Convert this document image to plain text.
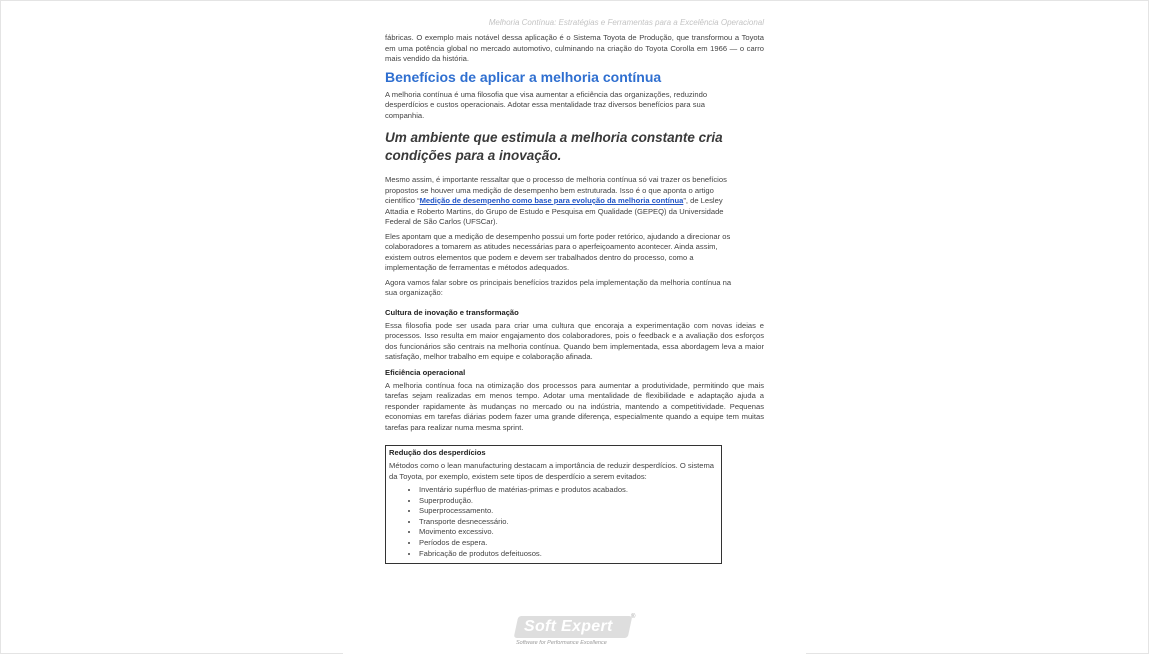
Melhoria Contínua: Estratégias e Ferramentas para a Excelência Operacional

fábricas. O exemplo mais notável dessa aplicação é o Sistema Toyota de Produção, que transformou a Toyota em uma potência global no mercado automotivo, culminando na criação do Toyota Corolla em 1966 — o carro mais vendido da história.

Benefícios de aplicar a melhoria contínua

A melhoria contínua é uma filosofia que visa aumentar a eficiência das organizações, reduzindo desperdícios e custos operacionais. Adotar essa mentalidade traz diversos benefícios para sua companhia.

Um ambiente que estimula a melhoria constante cria condições para a inovação.

Mesmo assim, é importante ressaltar que o processo de melhoria contínua só vai trazer os benefícios propostos se houver uma medição de desempenho bem estruturada. Isso é o que aponta o artigo científico “Medição de desempenho como base para evolução da melhoria contínua”, de Lesley Attadia e Roberto Martins, do Grupo de Estudo e Pesquisa em Qualidade (GEPEQ) da Universidade Federal de São Carlos (UFSCar).

Eles apontam que a medição de desempenho possui um forte poder retórico, ajudando a direcionar os colaboradores a tomarem as atitudes necessárias para o aperfeiçoamento acontecer. Ainda assim, existem outros elementos que podem e devem ser trabalhados dentro do processo, como a implementação de ferramentas e métodos adequados.

Agora vamos falar sobre os principais benefícios trazidos pela implementação da melhoria contínua na sua organização:

Cultura de inovação e transformação

Essa filosofia pode ser usada para criar uma cultura que encoraja a experimentação com novas ideias e processos. Isso resulta em maior engajamento dos colaboradores, pois o feedback e a avaliação dos esforços dos funcionários são centrais na melhoria contínua. Quando bem implementada, essa abordagem leva a maior satisfação, melhor trabalho em equipe e colaboração afinada.

Eficiência operacional

A melhoria contínua foca na otimização dos processos para aumentar a produtividade, permitindo que mais tarefas sejam realizadas em menos tempo. Adotar uma mentalidade de flexibilidade e adaptação ajuda a responder rapidamente às mudanças no mercado ou na indústria, mantendo a competitividade. Pequenas economias em tarefas diárias podem fazer uma grande diferença, especialmente quando a equipe tem muitas tarefas para realizar numa mesma sprint.

Redução dos desperdícios

Métodos como o lean manufacturing destacam a importância de reduzir desperdícios. O sistema da Toyota, por exemplo, existem sete tipos de desperdício a serem evitados:

• Inventário supérfluo de matérias-primas e produtos acabados.
• Superprodução.
• Superprocessamento.
• Transporte desnecessário.
• Movimento excessivo.
• Períodos de espera.
• Fabricação de produtos defeituosos.
Soft Expert
®
Software for Performance Excellence
